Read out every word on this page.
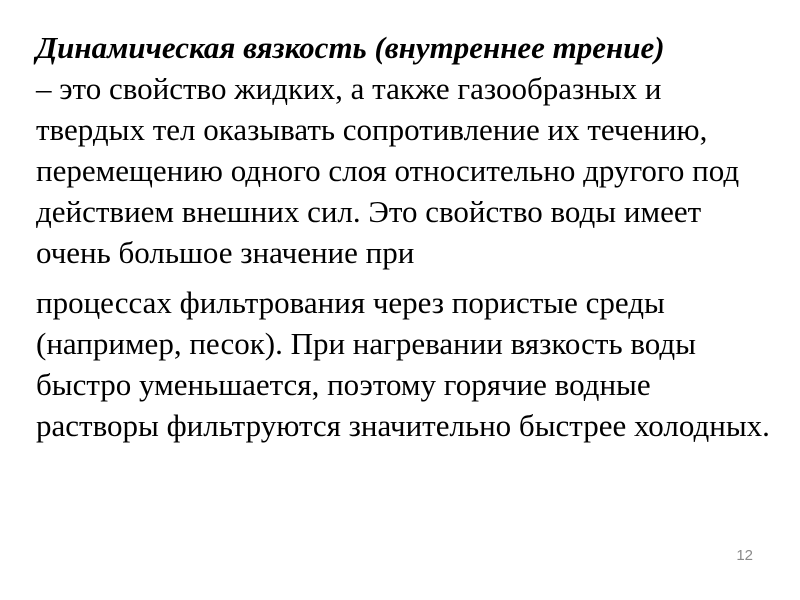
Динамическая вязкость (внутреннее трение)
– это свойство жидких, а также газообразных и твердых тел оказывать сопротивление их течению, перемещению одного слоя относительно другого под действием внешних сил. Это свойство воды имеет очень большое значение при

процессах фильтрования через пористые среды (например, песок). При нагревании вязкость воды быстро уменьшается, поэтому горячие водные растворы фильтруются значительно быстрее холодных.

12
